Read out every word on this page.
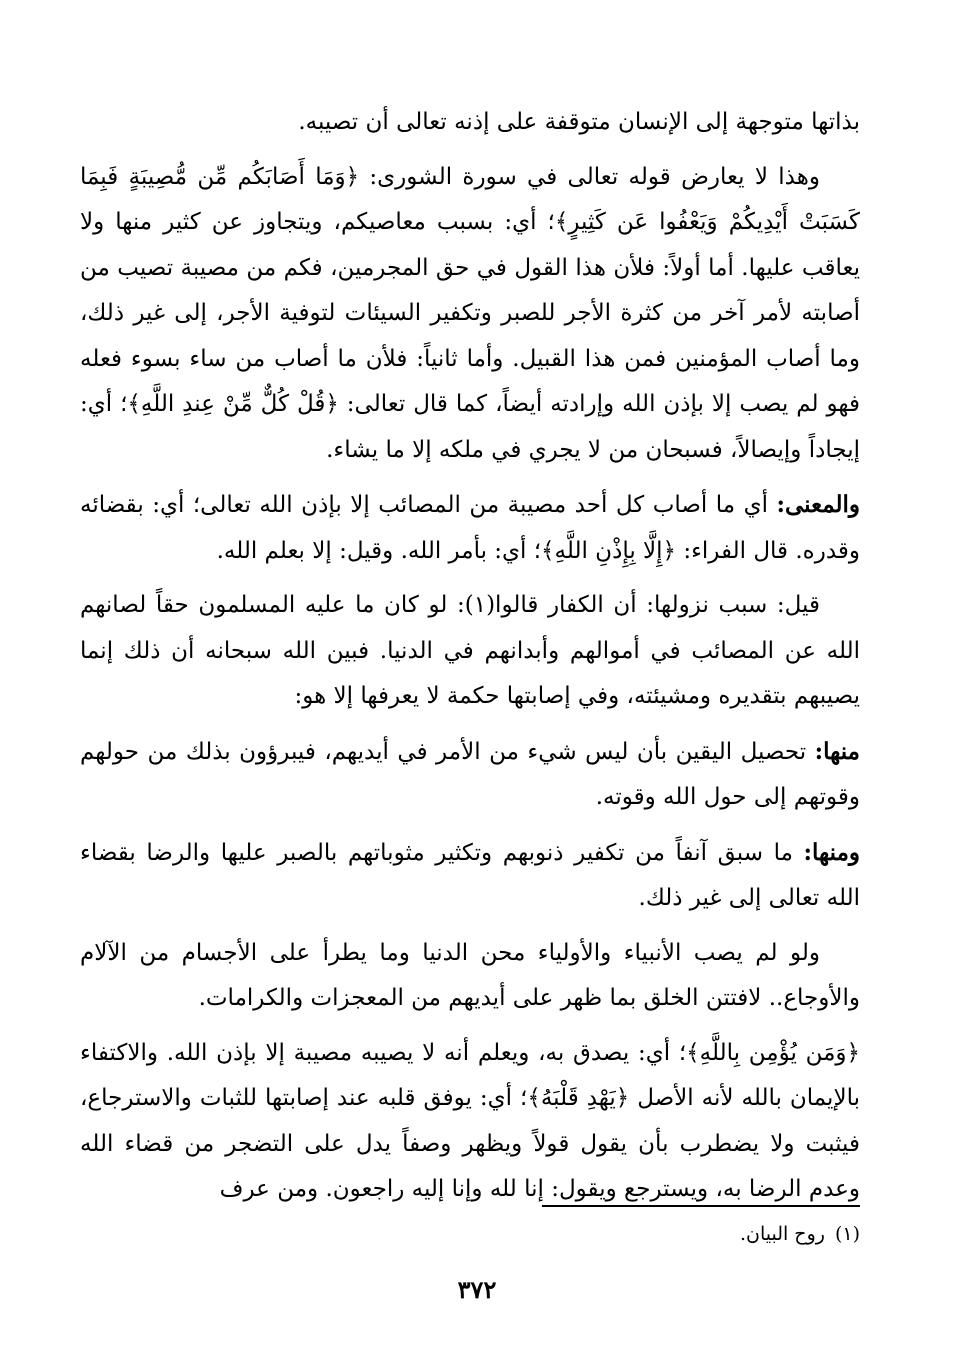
بذاتها متوجهة إلى الإنسان متوقفة على إذنه تعالى أن تصيبه.

وهذا لا يعارض قوله تعالى في سورة الشورى: ﴿وَمَا أَصَابَكُم مِّن مُّصِيبَةٍ فَبِمَا كَسَبَتْ أَيْدِيكُمْ وَيَعْفُوا عَن كَثِيرٍ﴾؛ أي: بسبب معاصيكم، ويتجاوز عن كثير منها ولا يعاقب عليها. أما أولاً: فلأن هذا القول في حق المجرمين، فكم من مصيبة تصيب من أصابته لأمر آخر من كثرة الأجر للصبر وتكفير السيئات لتوفية الأجر، إلى غير ذلك، وما أصاب المؤمنين فمن هذا القبيل. وأما ثانياً: فلأن ما أصاب من ساء بسوء فعله فهو لم يصب إلا بإذن الله وإرادته أيضاً، كما قال تعالى: ﴿قُلْ كُلٌّ مِّنْ عِندِ اللَّهِ﴾؛ أي: إيجاداً وإيصالاً، فسبحان من لا يجري في ملكه إلا ما يشاء.

والمعنى: أي ما أصاب كل أحد مصيبة من المصائب إلا بإذن الله تعالى؛ أي: بقضائه وقدره. قال الفراء: ﴿إِلَّا بِإِذْنِ اللَّهِ﴾؛ أي: بأمر الله. وقيل: إلا بعلم الله.

قيل: سبب نزولها: أن الكفار قالوا(١): لو كان ما عليه المسلمون حقاً لصانهم الله عن المصائب في أموالهم وأبدانهم في الدنيا. فبين الله سبحانه أن ذلك إنما يصيبهم بتقديره ومشيئته، وفي إصابتها حكمة لا يعرفها إلا هو:

منها: تحصيل اليقين بأن ليس شيء من الأمر في أيديهم، فيبرؤون بذلك من حولهم وقوتهم إلى حول الله وقوته.

ومنها: ما سبق آنفاً من تكفير ذنوبهم وتكثير مثوباتهم بالصبر عليها والرضا بقضاء الله تعالى إلى غير ذلك.

ولو لم يصب الأنبياء والأولياء محن الدنيا وما يطرأ على الأجسام من الآلام والأوجاع.. لافتتن الخلق بما ظهر على أيديهم من المعجزات والكرامات.

﴿وَمَن يُؤْمِن بِاللَّهِ﴾؛ أي: يصدق به، ويعلم أنه لا يصيبه مصيبة إلا بإذن الله. والاكتفاء بالإيمان بالله لأنه الأصل ﴿يَهْدِ قَلْبَهُ﴾؛ أي: يوفق قلبه عند إصابتها للثبات والاسترجاع، فيثبت ولا يضطرب بأن يقول قولاً ويظهر وصفاً يدل على التضجر من قضاء الله وعدم الرضا به، ويسترجع ويقول: إنا لله وإنا إليه راجعون. ومن عرف

(١)روح البيان.
٣٧٢
